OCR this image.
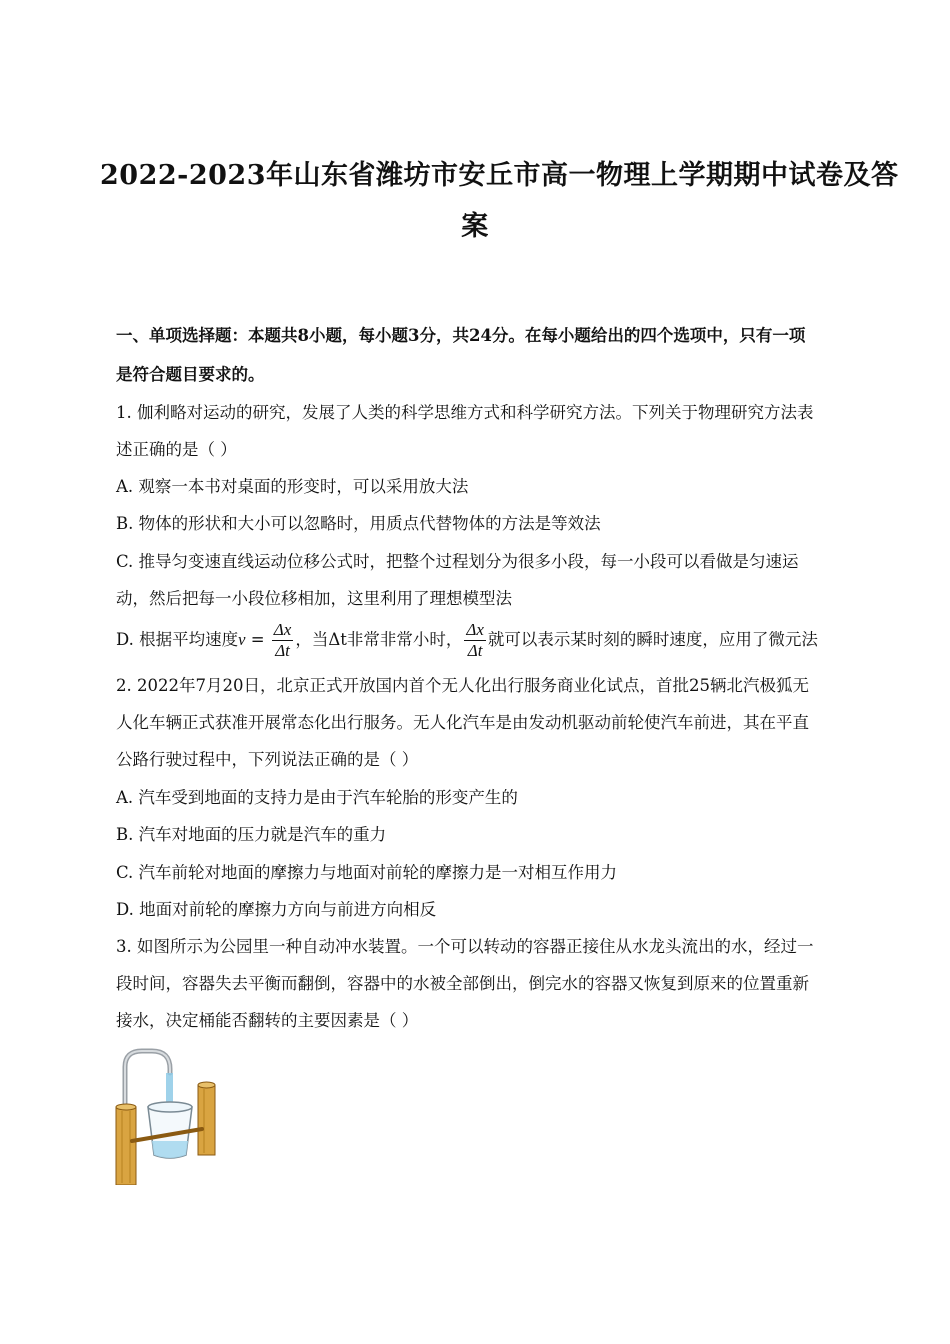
2022-2023年山东省潍坊市安丘市高一物理上学期期中试卷及答
案
一、单项选择题：本题共8小题，每小题3分，共24分。在每小题给出的四个选项中，只有一项
是符合题目要求的。
1. 伽利略对运动的研究，发展了人类的科学思维方式和科学研究方法。下列关于物理研究方法表
述正确的是（ ）
A. 观察一本书对桌面的形变时，可以采用放大法
B. 物体的形状和大小可以忽略时，用质点代替物体的方法是等效法
C. 推导匀变速直线运动位移公式时，把整个过程划分为很多小段，每一小段可以看做是匀速运
动，然后把每一小段位移相加，这里利用了理想模型法
D. 根据平均速度$v = \frac{\Delta x}{\Delta t}$ ，当Δt非常非常小时， $\frac{\Delta x}{\Delta t}$ 就可以表示某时刻的瞬时速度，应用了微元法
2. 2022年7月20日，北京正式开放国内首个无人化出行服务商业化试点，首批25辆北汽极狐无
人化车辆正式获准开展常态化出行服务。无人化汽车是由发动机驱动前轮使汽车前进，其在平直
公路行驶过程中，下列说法正确的是（ ）
A. 汽车受到地面的支持力是由于汽车轮胎的形变产生的
B. 汽车对地面的压力就是汽车的重力
C. 汽车前轮对地面的摩擦力与地面对前轮的摩擦力是一对相互作用力
D. 地面对前轮的摩擦力方向与前进方向相反
3. 如图所示为公园里一种自动冲水装置。一个可以转动的容器正接住从水龙头流出的水，经过一
段时间，容器失去平衡而翻倒，容器中的水被全部倒出，倒完水的容器又恢复到原来的位置重新
接水，决定桶能否翻转的主要因素是（ ）
